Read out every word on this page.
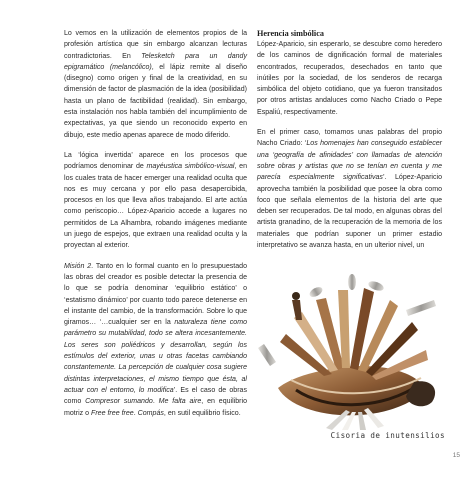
Lo vemos en la utilización de elementos propios de la profesión artística que sin embargo alcanzan lecturas contradictorias. En Telesketch para un dandy epigramático (melancólico), el lápiz remite al diseño (disegno) como origen y final de la creatividad, en su dimensión de factor de plasmación de la idea (posibilidad) hasta un plano de factibilidad (realidad). Sin embargo, esta instalación nos habla también del incumplimiento de expectativas, ya que siendo un reconocido experto en dibujo, este medio apenas aparece de modo diferido.

La ‘lógica invertida’ aparece en los procesos que podríamos denominar de mayéustica simbólico-visual, en los cuales trata de hacer emerger una realidad oculta que nos es muy cercana y por ello pasa desapercibida, procesos en los que lleva años trabajando. El arte actúa como periscopio… López-Aparicio accede a lugares no permitidos de La Alhambra, robando imágenes mediante un juego de espejos, que extraen una realidad oculta y la proyectan al exterior.

Misión 2. Tanto en lo formal cuanto en lo presupuestado las obras del creador es posible detectar la presencia de lo que se podría denominar ‘equilibrio estático’ o ‘estatismo dinámico’ por cuanto todo parece detenerse en el instante del cambio, de la transformación. Sobre lo que giramos… ‘…cualquier ser en la naturaleza tiene como parámetro su mutabilidad, todo se altera incesantemente. Los seres son poliédricos y desarrollan, según los estímulos del exterior, unas u otras facetas cambiando constantemente. La percepción de cualquier cosa sugiere distintas interpretaciones, el mismo tiempo que ésta, al actuar con el entorno, lo modifica’. Es el caso de obras como Compresor sumando. Me falta aire, en equilibrio motriz o Free free free. Compás, en sutil equilibrio físico.

Herencia simbólica

López-Aparicio, sin esperarlo, se descubre como heredero de los caminos de dignificación formal de materiales encontrados, recuperados, desechados en tanto que inútiles por la sociedad, de los senderos de recarga simbólica del objeto cotidiano, que ya fueron transitados por otros artistas andaluces como Nacho Criado o Pepe Espaliú, respectivamente.

En el primer caso, tomamos unas palabras del propio Nacho Criado: ‘Los homenajes han conseguido establecer una ‘geografía de afinidades’ con llamadas de atención sobre obras y artistas que no se tenían en cuenta y me parecía especialmente significativas’. López-Aparicio aprovecha también la posibilidad que posee la obra como foco que señala elementos de la historia del arte que deben ser recuperados. De tal modo, en algunas obras del artista granadino, de la recuperación de la memoria de los materiales que podrían suponer un primer estadio interpretativo se avanza hasta, en un ulterior nivel, un

Cisoria de inutensilios
15
